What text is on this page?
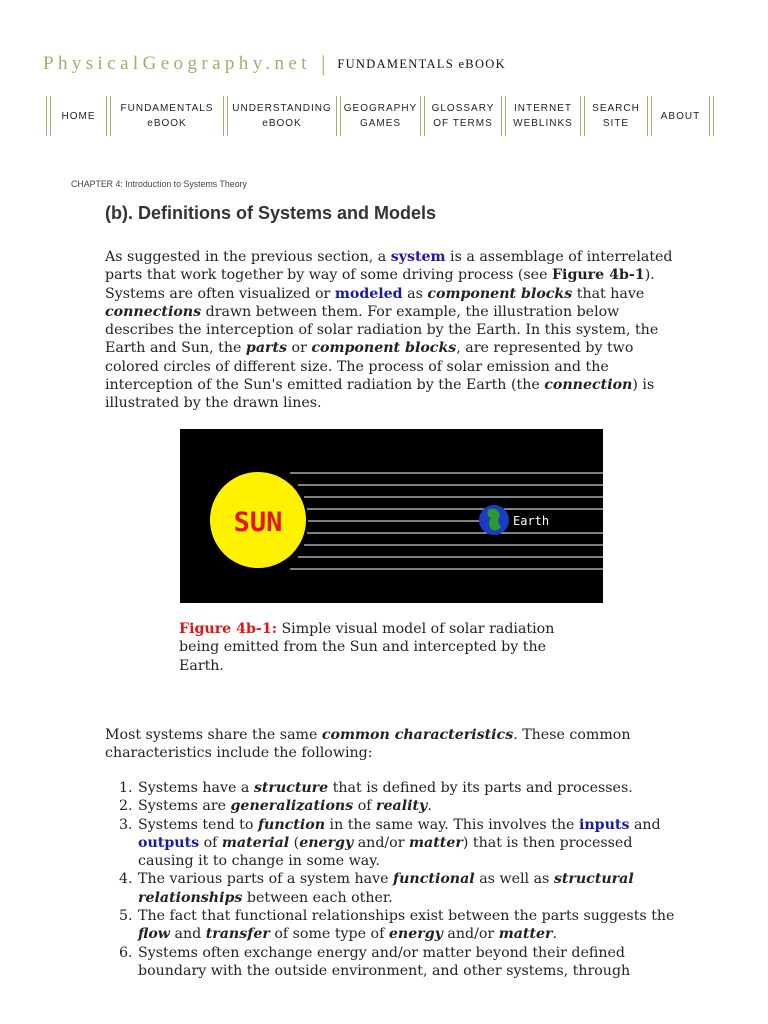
PhysicalGeography.net | FUNDAMENTALS eBOOK
HOME
FUNDAMENTALS
eBOOK
UNDERSTANDING
eBOOK
GEOGRAPHY
GAMES
GLOSSARY
OF TERMS
INTERNET
WEBLINKS
SEARCH
SITE
ABOUT
CHAPTER 4: Introduction to Systems Theory
(b). Definitions of Systems and Models

As suggested in the previous section, a system is a assemblage of interrelated parts that work together by way of some driving process (see Figure 4b-1). Systems are often visualized or modeled as component blocks that have connections drawn between them. For example, the illustration below describes the interception of solar radiation by the Earth. In this system, the Earth and Sun, the parts or component blocks, are represented by two colored circles of different size. The process of solar emission and the interception of the Sun's emitted radiation by the Earth (the connection) is illustrated by the drawn lines.

SUN	Earth

Figure 4b-1: Simple visual model of solar radiation being emitted from the Sun and intercepted by the Earth.

Most systems share the same common characteristics. These common characteristics include the following:

1. Systems have a structure that is defined by its parts and processes.
2. Systems are generalizations of reality.
3. Systems tend to function in the same way. This involves the inputs and outputs of material (energy and/or matter) that is then processed causing it to change in some way.
4. The various parts of a system have functional as well as structural relationships between each other.
5. The fact that functional relationships exist between the parts suggests the flow and transfer of some type of energy and/or matter.
6. Systems often exchange energy and/or matter beyond their defined boundary with the outside environment, and other systems, through
